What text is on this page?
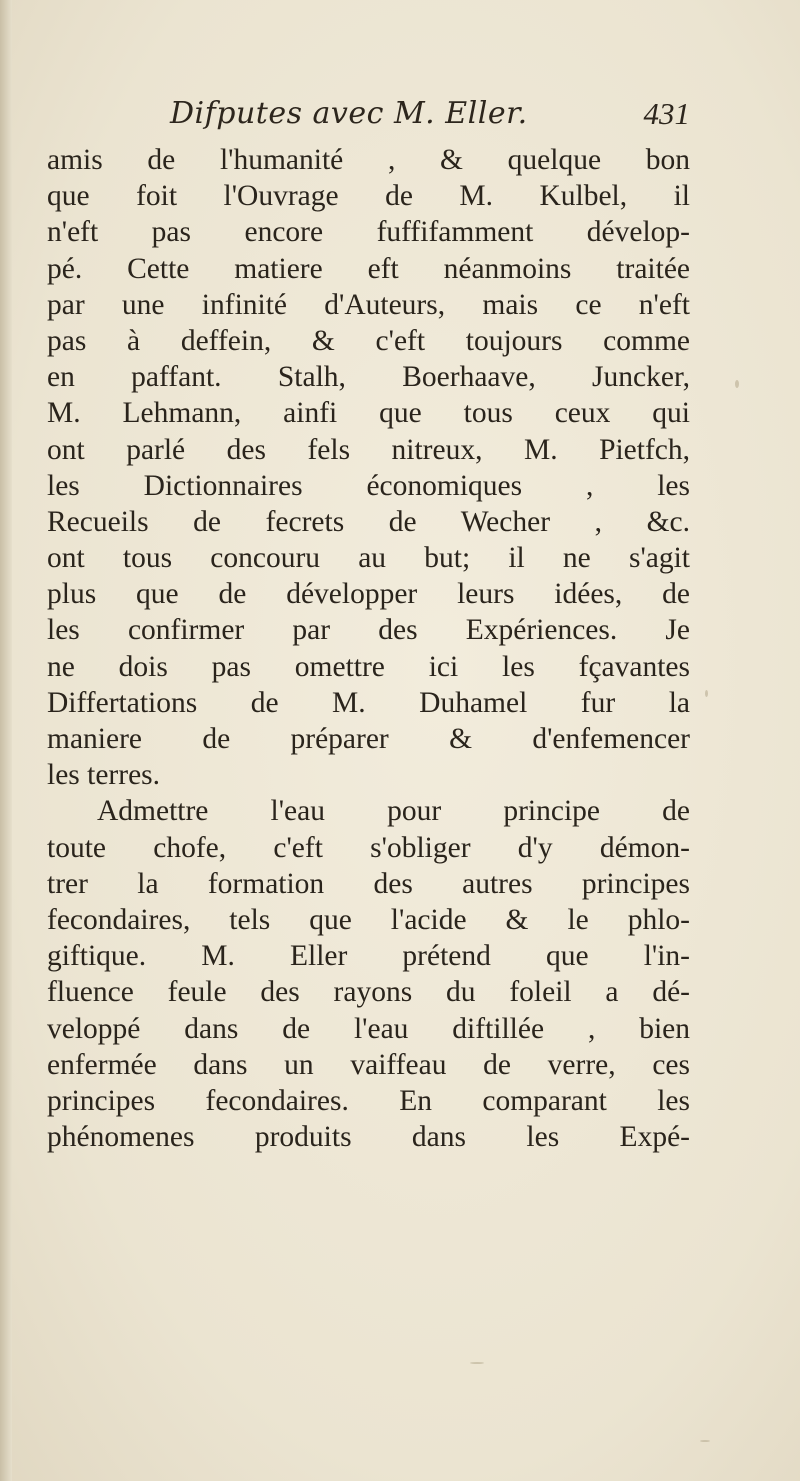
Difputes avec M. Eller.	431
amis de l'humanité , & quelque bon
que foit l'Ouvrage de M. Kulbel, il
n'eft pas encore fuffifamment dévelop-
pé. Cette matiere eft néanmoins traitée
par une infinité d'Auteurs, mais ce n'eft
pas à deffein, & c'eft toujours comme
en paffant. Stalh, Boerhaave, Juncker,
M. Lehmann, ainfi que tous ceux qui
ont parlé des fels nitreux, M. Pietfch,
les Dictionnaires économiques , les
Recueils de fecrets de Wecher , &c.
ont tous concouru au but; il ne s'agit
plus que de développer leurs idées, de
les confirmer par des Expériences. Je
ne dois pas omettre ici les fçavantes
Differtations de M. Duhamel fur la
maniere de préparer & d'enfemencer
les terres.
Admettre l'eau pour principe de
toute chofe, c'eft s'obliger d'y démon-
trer la formation des autres principes
fecondaires, tels que l'acide & le phlo-
giftique. M. Eller prétend que l'in-
fluence feule des rayons du foleil a dé-
veloppé dans de l'eau diftillée , bien
enfermée dans un vaiffeau de verre, ces
principes fecondaires. En comparant les
phénomenes produits dans les Expé-
